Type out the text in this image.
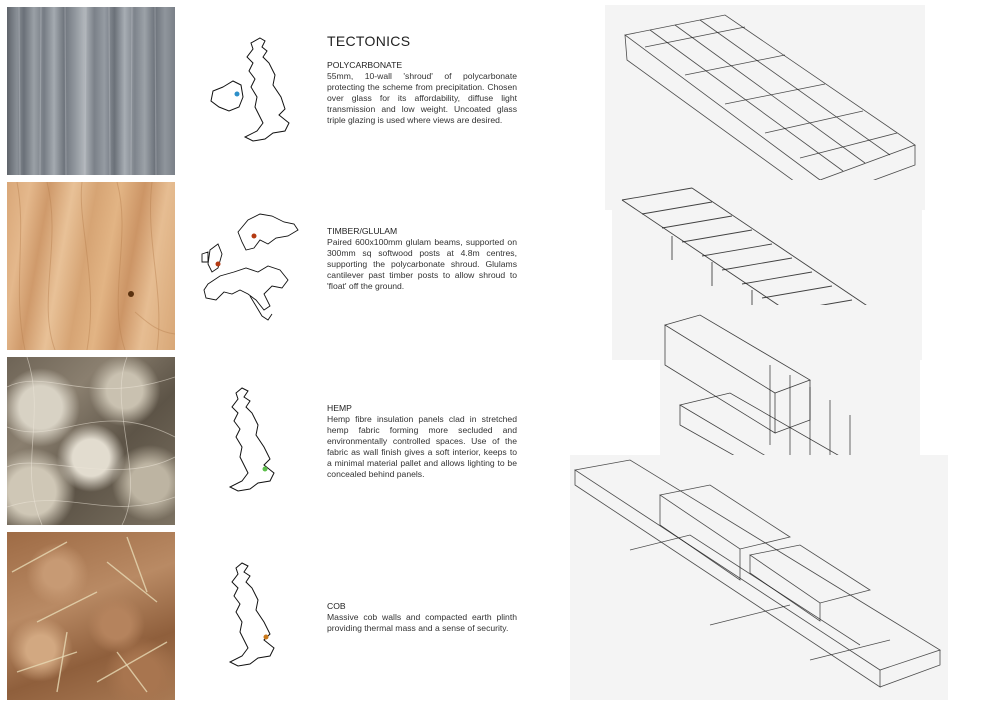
TECTONICS
POLYCARBONATE
55mm, 10-wall 'shroud' of polycarbonate protecting the scheme from precipitation. Chosen over glass for its affordability, diffuse light transmission and low weight. Uncoated glass triple glazing is used where views are desired.
TIMBER/GLULAM
Paired 600x100mm glulam beams, supported on 300mm sq softwood posts at 4.8m centres, supporting the polycarbonate shroud. Glulams cantilever past timber posts to allow shroud to 'float' off the ground.
HEMP
Hemp fibre insulation panels clad in stretched hemp fabric forming more secluded and environmentally controlled spaces. Use of the fabric as wall finish gives a soft interior, keeps to a minimal material pallet and allows lighting to be concealed behind panels.
COB
Massive cob walls and compacted earth plinth providing thermal mass and a sense of security.
